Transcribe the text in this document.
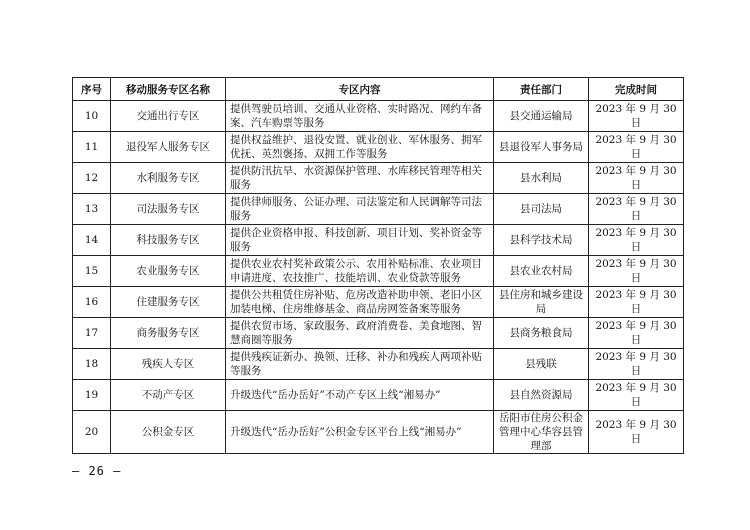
序号	移动服务专区名称	专区内容	责任部门	完成时间
10	交通出行专区	提供驾驶员培训、交通从业资格、实时路况、网约车备案、汽车购票等服务	县交通运输局	2023 年 9 月 30 日
11	退役军人服务专区	提供权益维护、退役安置、就业创业、军休服务、拥军优抚、英烈褒扬、双拥工作等服务	县退役军人事务局	2023 年 9 月 30 日
12	水利服务专区	提供防汛抗旱、水资源保护管理、水库移民管理等相关服务	县水利局	2023 年 9 月 30 日
13	司法服务专区	提供律师服务、公证办理、司法鉴定和人民调解等司法服务	县司法局	2023 年 9 月 30 日
14	科技服务专区	提供企业资格申报、科技创新、项目计划、奖补资金等服务	县科学技术局	2023 年 9 月 30 日
15	农业服务专区	提供农业农村奖补政策公示、农用补贴标准、农业项目申请进度、农技推广、技能培训、农业贷款等服务	县农业农村局	2023 年 9 月 30 日
16	住建服务专区	提供公共租赁住房补贴、危房改造补助申领、老旧小区加装电梯、住房维修基金、商品房网签备案等服务	县住房和城乡建设局	2023 年 9 月 30 日
17	商务服务专区	提供农贸市场、家政服务、政府消费卷、美食地图、智慧商圈等服务	县商务粮食局	2023 年 9 月 30 日
18	残疾人专区	提供残疾证新办、换领、迁移、补办和残疾人两项补贴等服务	县残联	2023 年 9 月 30 日
19	不动产专区	升级迭代“岳办岳好”不动产专区上线“湘易办”	县自然资源局	2023 年 9 月 30 日
20	公积金专区	升级迭代“岳办岳好”公积金专区平台上线“湘易办”	岳阳市住房公积金管理中心华容县管理部	2023 年 9 月 30 日
– 26 –
